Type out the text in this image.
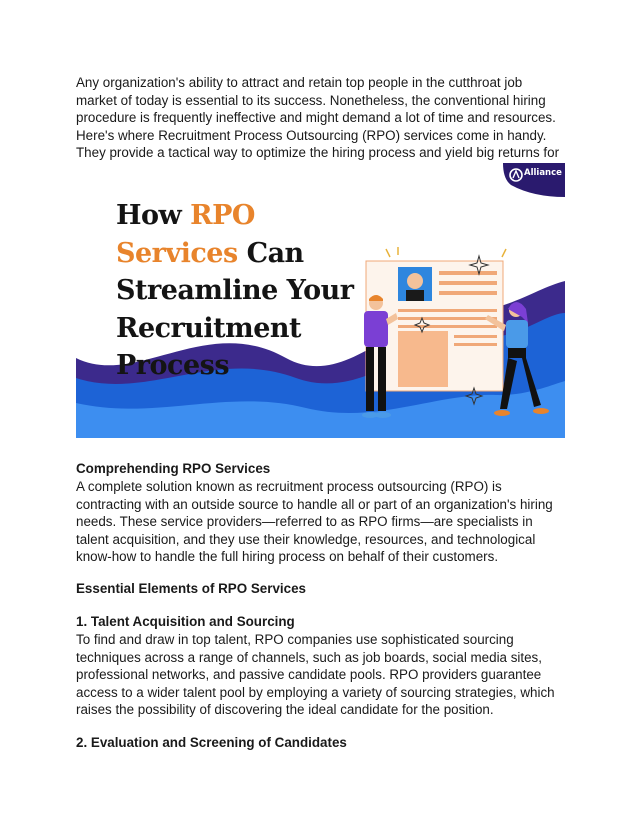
Any organization's ability to attract and retain top people in the cutthroat job market of today is essential to its success. Nonetheless, the conventional hiring procedure is frequently ineffective and might demand a lot of time and resources. Here's where Recruitment Process Outsourcing (RPO) services come in handy. They provide a tactical way to optimize the hiring process and yield big returns for

How RPO Services Can Streamline Your Recruitment Process
Alliance

Comprehending RPO Services

A complete solution known as recruitment process outsourcing (RPO) is contracting with an outside source to handle all or part of an organization's hiring needs. These service providers—referred to as RPO firms—are specialists in talent acquisition, and they use their knowledge, resources, and technological know-how to handle the full hiring process on behalf of their customers.

Essential Elements of RPO Services

1. Talent Acquisition and Sourcing

To find and draw in top talent, RPO companies use sophisticated sourcing techniques across a range of channels, such as job boards, social media sites, professional networks, and passive candidate pools. RPO providers guarantee access to a wider talent pool by employing a variety of sourcing strategies, which raises the possibility of discovering the ideal candidate for the position.

2. Evaluation and Screening of Candidates
